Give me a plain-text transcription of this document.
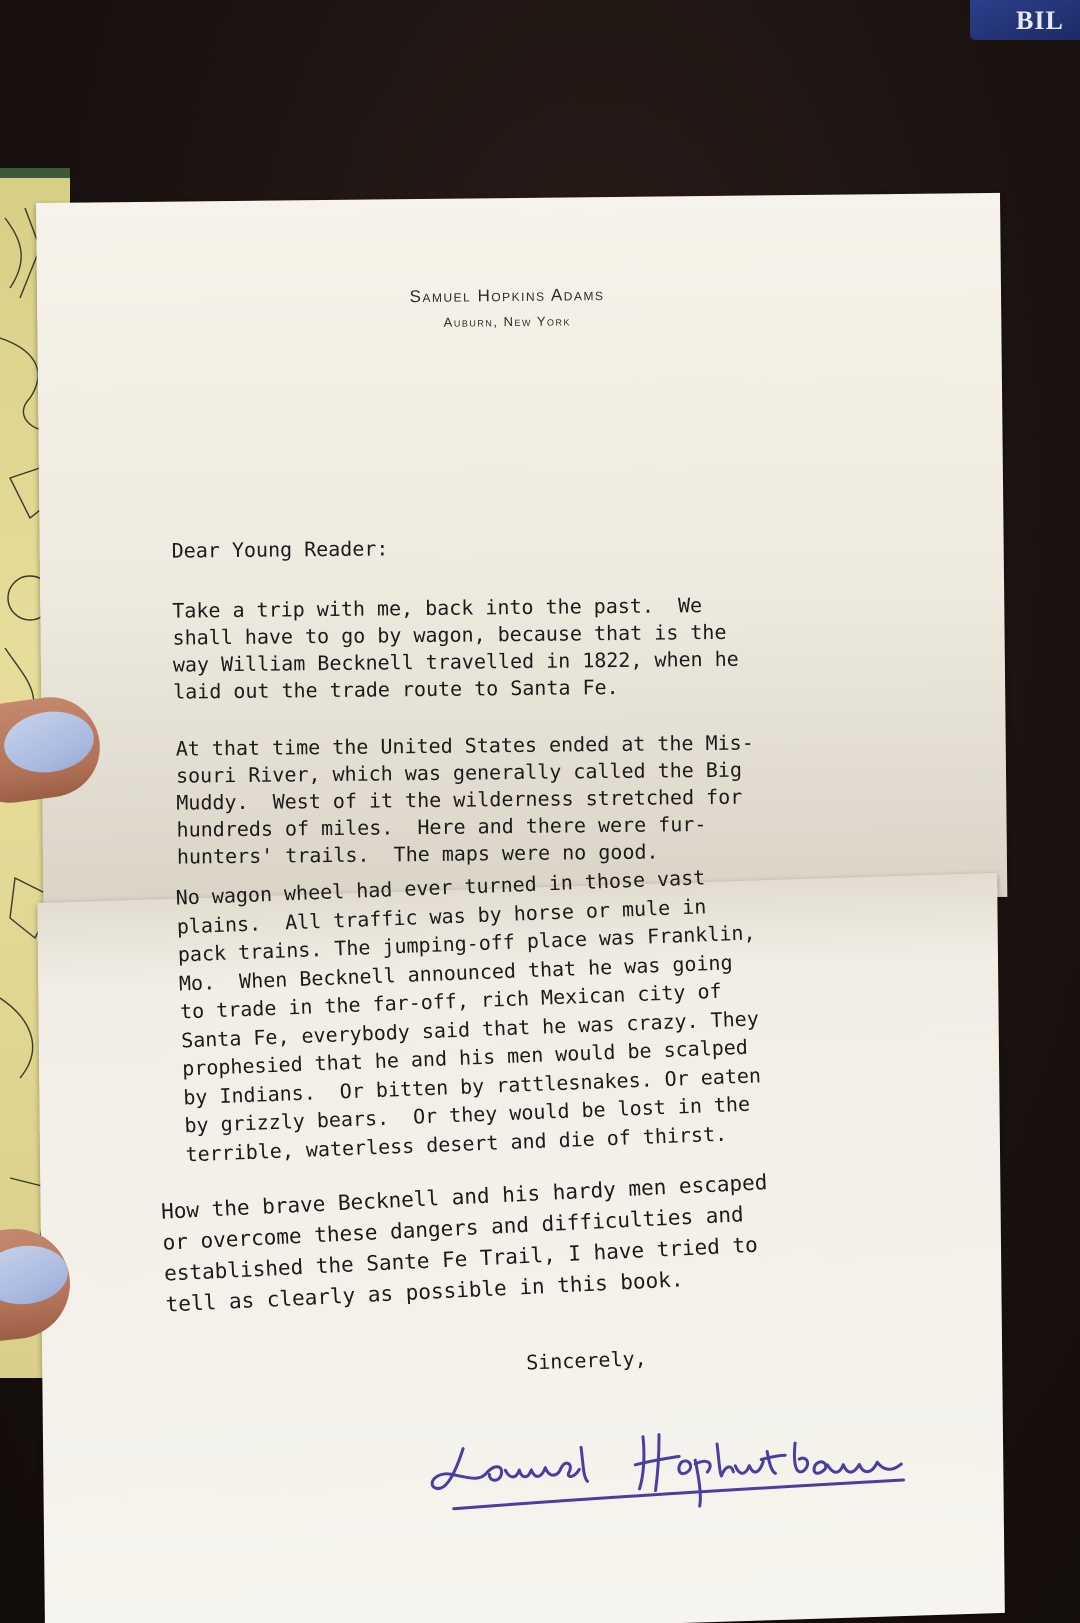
BIL
Samuel Hopkins Adams
Auburn, New York
Dear Young Reader:
Take a trip with me, back into the past.  We
shall have to go by wagon, because that is the
way William Becknell travelled in 1822, when he
laid out the trade route to Santa Fe.
At that time the United States ended at the Mis-
souri River, which was generally called the Big
Muddy.  West of it the wilderness stretched for
hundreds of miles.  Here and there were fur-
hunters' trails.  The maps were no good.
No wagon wheel had ever turned in those vast
plains.  All traffic was by horse or mule in
pack trains. The jumping-off place was Franklin,
Mo.  When Becknell announced that he was going
to trade in the far-off, rich Mexican city of
Santa Fe, everybody said that he was crazy. They
prophesied that he and his men would be scalped
by Indians.  Or bitten by rattlesnakes. Or eaten
by grizzly bears.  Or they would be lost in the
terrible, waterless desert and die of thirst.
How the brave Becknell and his hardy men escaped
or overcome these dangers and difficulties and
established the Sante Fe Trail, I have tried to
tell as clearly as possible in this book.
Sincerely,
